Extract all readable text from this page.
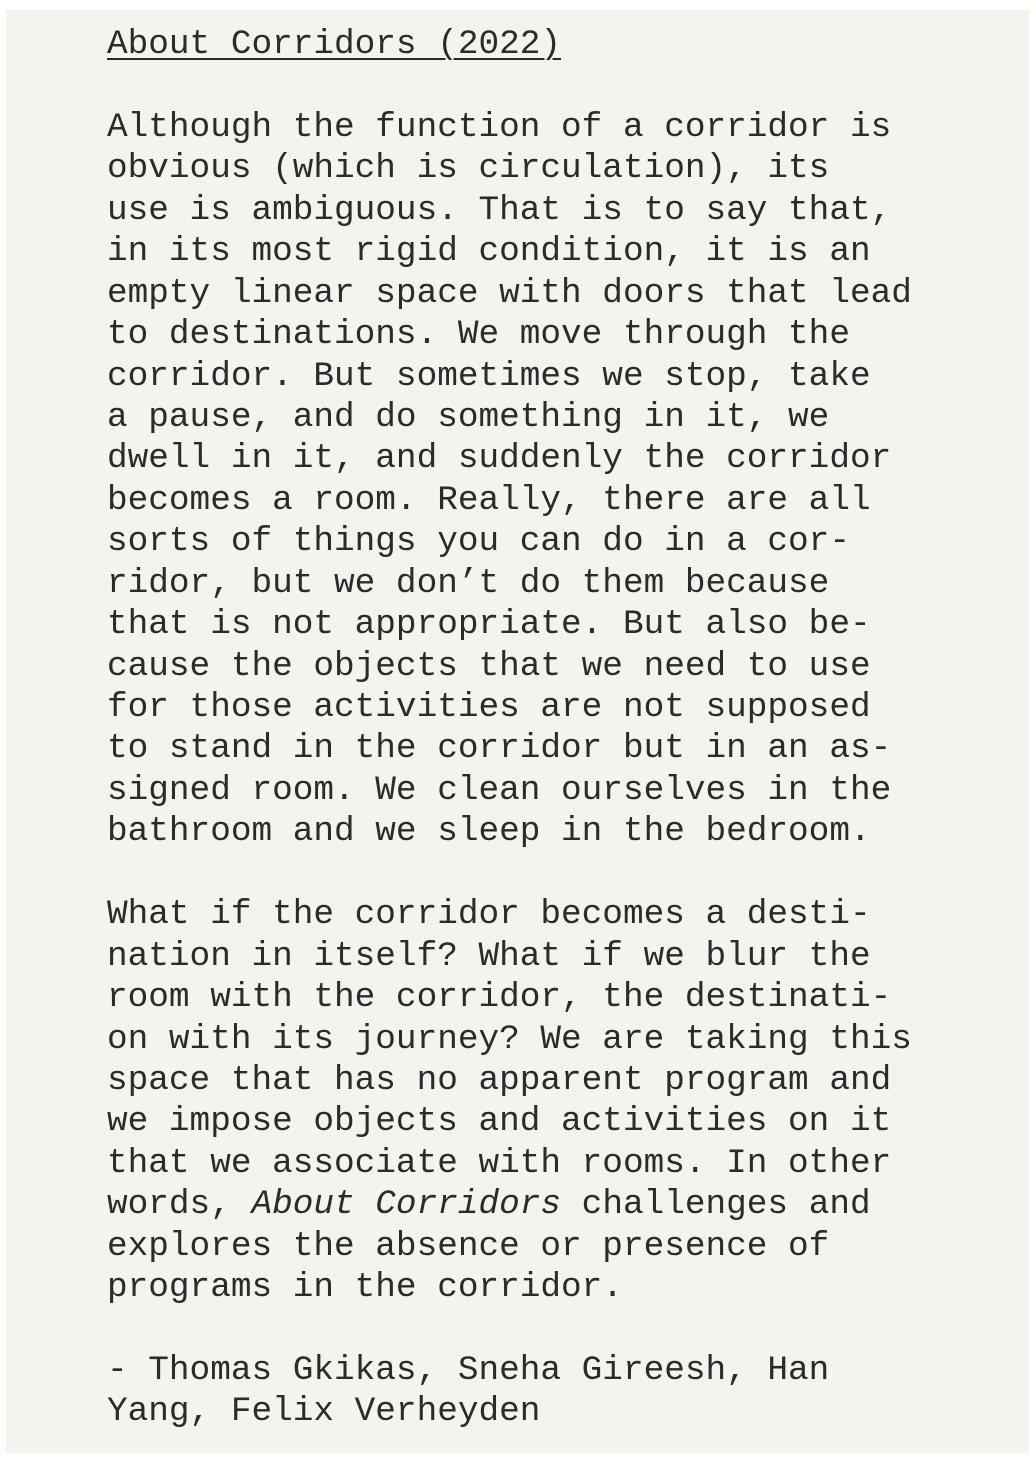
About Corridors (2022)

Although the function of a corridor is
obvious (which is circulation), its
use is ambiguous. That is to say that,
in its most rigid condition, it is an
empty linear space with doors that lead
to destinations. We move through the
corridor. But sometimes we stop, take
a pause, and do something in it, we
dwell in it, and suddenly the corridor
becomes a room. Really, there are all
sorts of things you can do in a cor-
ridor, but we don’t do them because
that is not appropriate. But also be-
cause the objects that we need to use
for those activities are not supposed
to stand in the corridor but in an as-
signed room. We clean ourselves in the
bathroom and we sleep in the bedroom.

What if the corridor becomes a desti-
nation in itself? What if we blur the
room with the corridor, the destinati-
on with its journey? We are taking this
space that has no apparent program and
we impose objects and activities on it
that we associate with rooms. In other
words, About Corridors challenges and
explores the absence or presence of
programs in the corridor.

- Thomas Gkikas, Sneha Gireesh, Han
Yang, Felix Verheyden
